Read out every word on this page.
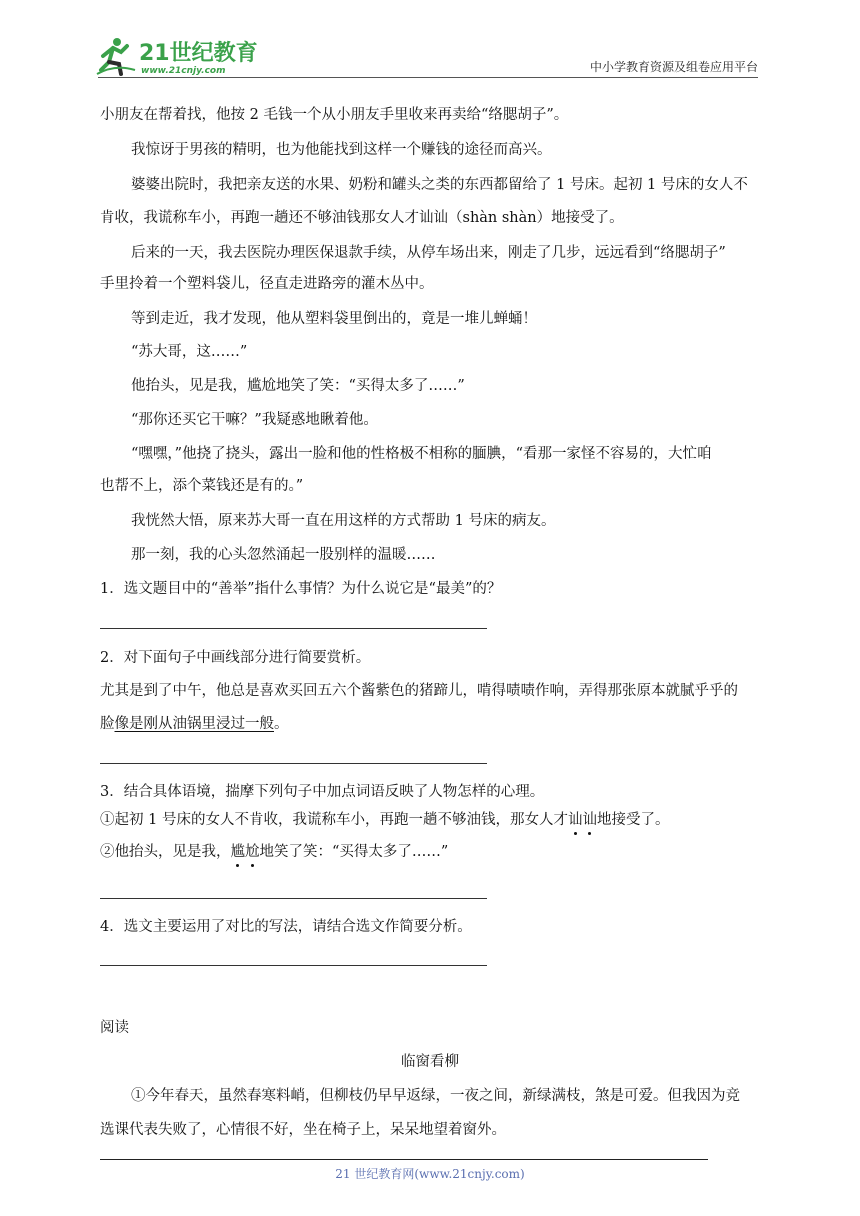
21世纪教育
www.21cnjy.com	中小学教育资源及组卷应用平台
小朋友在帮着找，他按 2 毛钱一个从小朋友手里收来再卖给“络腮胡子”。
我惊讶于男孩的精明，也为他能找到这样一个赚钱的途径而高兴。
婆婆出院时，我把亲友送的水果、奶粉和罐头之类的东西都留给了 1 号床。起初 1 号床的女人不
肯收，我谎称车小，再跑一趟还不够油钱那女人才讪讪（shàn shàn）地接受了。
后来的一天，我去医院办理医保退款手续，从停车场出来，刚走了几步，远远看到“络腮胡子”
手里拎着一个塑料袋儿，径直走进路旁的灌木丛中。
等到走近，我才发现，他从塑料袋里倒出的，竟是一堆儿蝉蛹！
“苏大哥，这……”
他抬头，见是我，尴尬地笑了笑：“买得太多了……”
“那你还买它干嘛？”我疑惑地瞅着他。
“嘿嘿，”他挠了挠头，露出一脸和他的性格极不相称的腼腆，“看那一家怪不容易的，大忙咱
也帮不上，添个菜钱还是有的。”
我恍然大悟，原来苏大哥一直在用这样的方式帮助 1 号床的病友。
那一刻，我的心头忽然涌起一股别样的温暖……
1．选文题目中的“善举”指什么事情？为什么说它是“最美”的？
2．对下面句子中画线部分进行简要赏析。
尤其是到了中午，他总是喜欢买回五六个酱紫色的猪蹄儿，啃得啧啧作响，弄得那张原本就腻乎乎的
脸像是刚从油锅里浸过一般。
3．结合具体语境，揣摩下列句子中加点词语反映了人物怎样的心理。
①起初 1 号床的女人不肯收，我谎称车小，再跑一趟不够油钱，那女人才讪讪地接受了。
②他抬头，见是我，尴尬地笑了笑：“买得太多了……”
4．选文主要运用了对比的写法，请结合选文作简要分析。
阅读
临窗看柳
①今年春天，虽然春寒料峭，但柳枝仍早早返绿，一夜之间，新绿满枝，煞是可爱。但我因为竞
选课代表失败了，心情很不好，坐在椅子上，呆呆地望着窗外。
21 世纪教育网(www.21cnjy.com)
